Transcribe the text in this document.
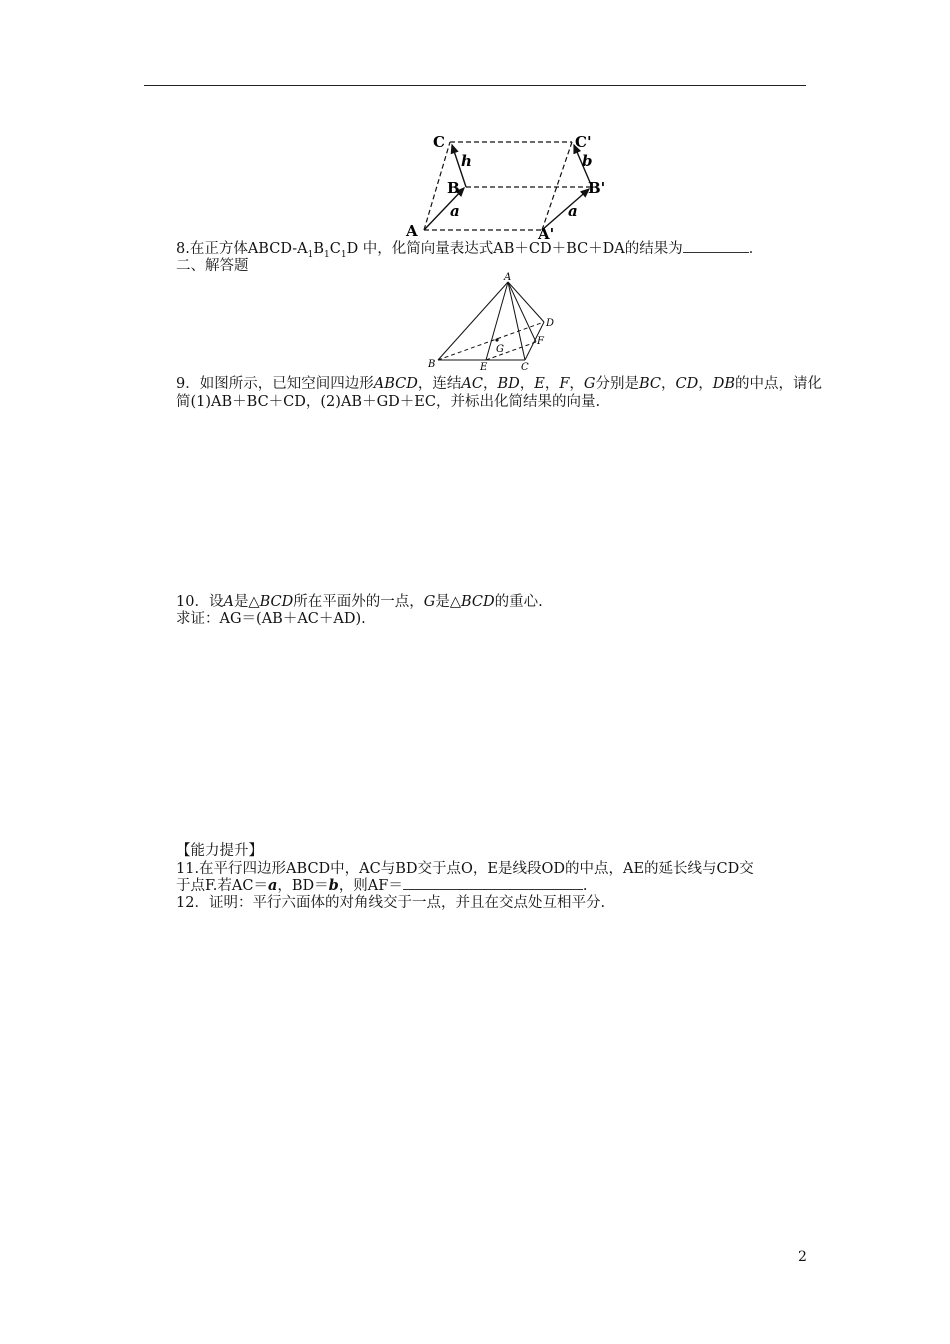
C	C'
h	b
B	B'
a	a
A	A'
8.在正方体ABCD-$A_1B_1C_1D$ 中，化简向量表达式AB＋CD＋BC＋DA的结果为	．
二、解答题
A
D
F
G
B	E	C
9．如图所示，已知空间四边形ABCD，连结AC，BD，E，F，G分别是BC，CD，DB的中点，请化
简(1)AB＋BC＋CD，(2)AB＋GD＋EC，并标出化简结果的向量.
10．设A是△BCD所在平面外的一点，G是△BCD的重心.
求证：AG＝(AB＋AC＋AD).
【能力提升】
11.在平行四边形ABCD中，AC与BD交于点O，E是线段OD的中点，AE的延长线与CD交
于点F.若AC＝a，BD＝b，则AF＝	.
12．证明：平行六面体的对角线交于一点，并且在交点处互相平分.
2
